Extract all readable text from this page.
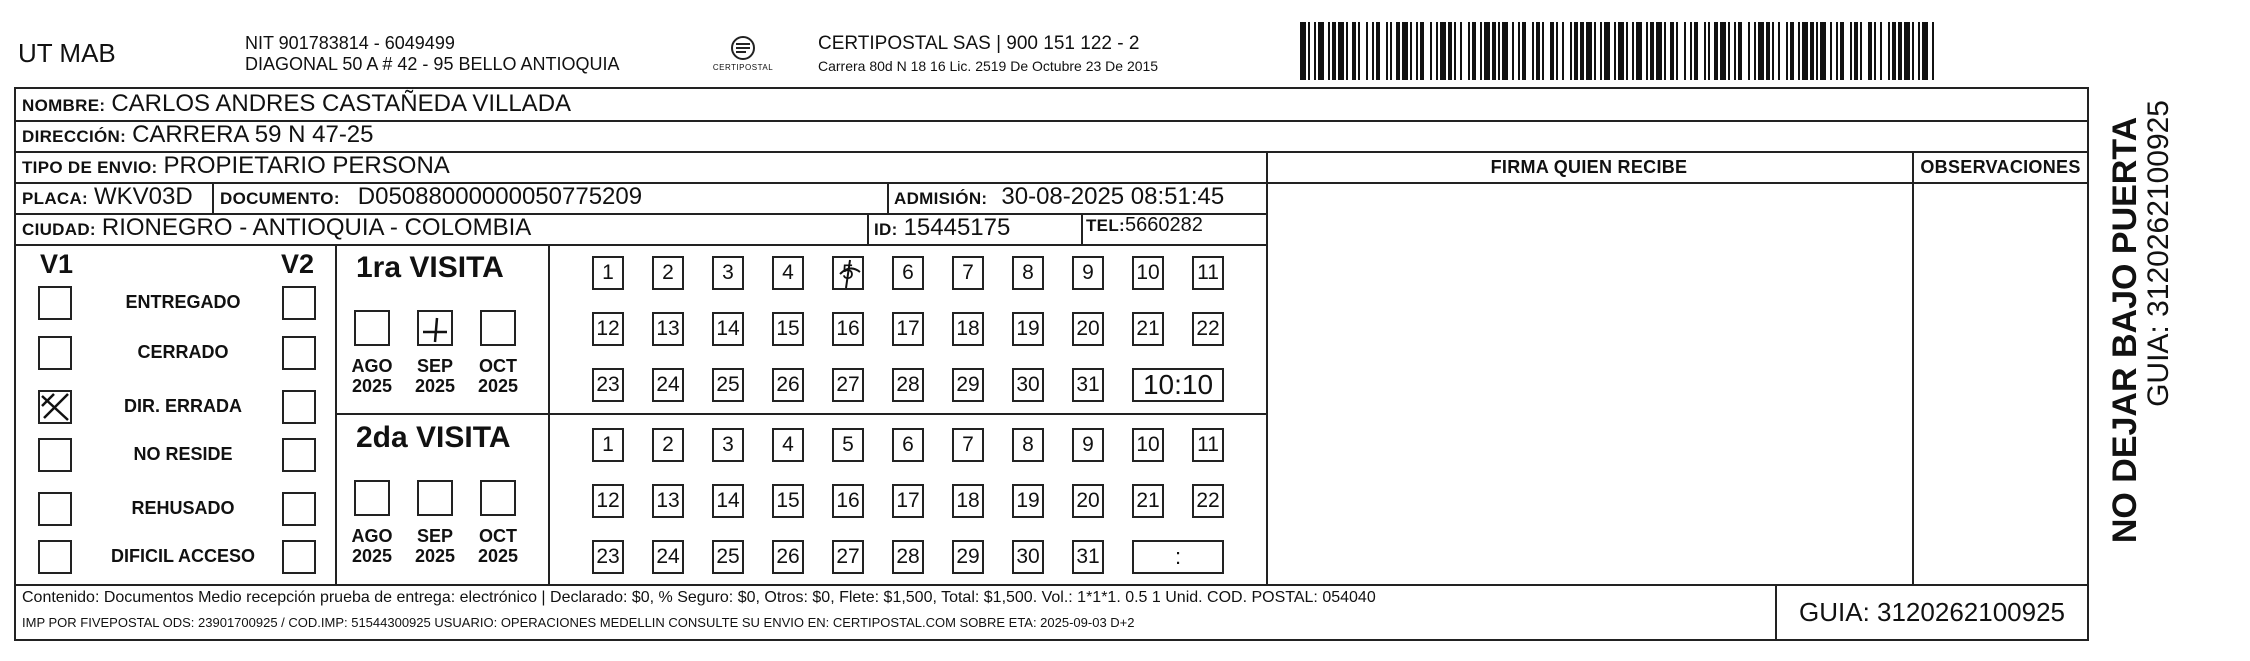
UT MAB	NIT 901783814 - 6049499
DIAGONAL 50 A # 42 - 95 BELLO ANTIOQUIA	CERTIPOSTAL
CERTIPOSTAL SAS | 900 151 122 - 2
Carrera 80d N 18 16 Lic. 2519 De Octubre 23 De 2015
NOMBRE: CARLOS ANDRES CASTAÑEDA VILLADA
DIRECCIÓN: CARRERA 59 N 47-25
TIPO DE ENVIO: PROPIETARIO PERSONA
PLACA: WKV03D DOCUMENTO: D05088000000050775209	ADMISIÓN: 30-08-2025 08:51:45
CIUDAD: RIONEGRO - ANTIOQUIA - COLOMBIA	ID: 15445175	TEL: 5660282
FIRMA QUIEN RECIBE	OBSERVACIONES
V1	V2
ENTREGADO
CERRADO
DIR. ERRADA
NO RESIDE
REHUSADO
DIFICIL ACCESO
1ra VISITA
2da VISITA
AGO
2025
SEP
2025
OCT
2025
AGO
2025
SEP
2025
OCT
2025
1 2 3 4 5 6 7 8 9 10 11
12 13 14 15 16 17 18 19 20 21 22
23 24 25 26 27 28 29 30 31 10:10
1 2 3 4 5 6 7 8 9 10 11
12 13 14 15 16 17 18 19 20 21 22
23 24 25 26 27 28 29 30 31	:
Contenido: Documentos Medio recepción prueba de entrega: electrónico | Declarado: $0, % Seguro: $0, Otros: $0, Flete: $1,500, Total: $1,500. Vol.: 1*1*1. 0.5 1 Unid. COD. POSTAL: 054040
IMP POR FIVEPOSTAL ODS: 23901700925 / COD.IMP: 51544300925 USUARIO: OPERACIONES MEDELLIN CONSULTE SU ENVIO EN: CERTIPOSTAL.COM SOBRE ETA: 2025-09-03 D+2	GUIA: 3120262100925
NO DEJAR BAJO PUERTA
GUIA: 3120262100925
